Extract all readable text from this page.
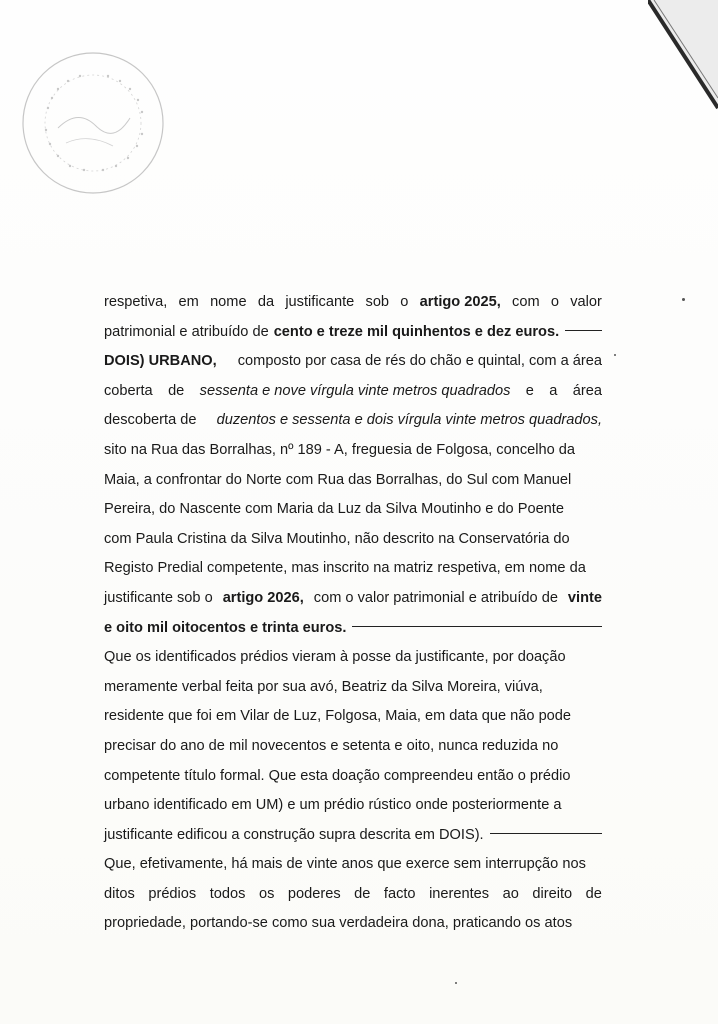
respetiva, em nome da justificante sob o artigo 2025, com o valor
patrimonial e atribuído de cento e treze mil quinhentos e dez euros.
DOIS) URBANO, composto por casa de rés do chão e quintal, com a área
coberta de sessenta e nove vírgula vinte metros quadrados e a área
descoberta de duzentos e sessenta e dois vírgula vinte metros quadrados,
sito na Rua das Borralhas, nº 189 - A, freguesia de Folgosa, concelho da
Maia, a confrontar do Norte com Rua das Borralhas, do Sul com Manuel
Pereira, do Nascente com Maria da Luz da Silva Moutinho e do Poente
com Paula Cristina da Silva Moutinho, não descrito na Conservatória do
Registo Predial competente, mas inscrito na matriz respetiva, em nome da
justificante sob o artigo 2026, com o valor patrimonial e atribuído de vinte
e oito mil oitocentos e trinta euros.
Que os identificados prédios vieram à posse da justificante, por doação
meramente verbal feita por sua avó, Beatriz da Silva Moreira, viúva,
residente que foi em Vilar de Luz, Folgosa, Maia, em data que não pode
precisar do ano de mil novecentos e setenta e oito, nunca reduzida no
competente título formal. Que esta doação compreendeu então o prédio
urbano identificado em UM) e um prédio rústico onde posteriormente a
justificante edificou a construção supra descrita em DOIS).
Que, efetivamente, há mais de vinte anos que exerce sem interrupção nos
ditos prédios todos os poderes de facto inerentes ao direito de
propriedade, portando-se como sua verdadeira dona, praticando os atos
